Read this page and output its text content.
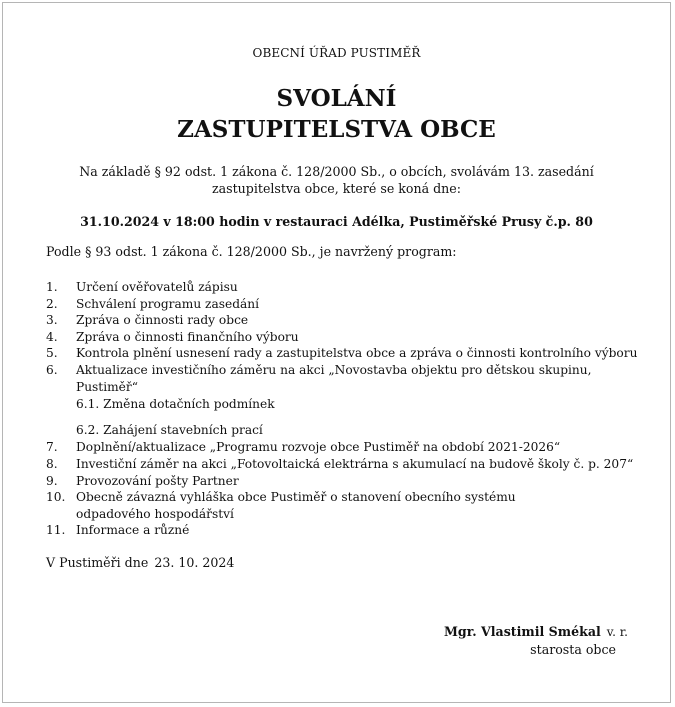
OBECNÍ ÚŘAD PUSTIMĚŘ
SVOLÁNÍ
ZASTUPITELSTVA OBCE
Na základě § 92 odst. 1 zákona č. 128/2000 Sb., o obcích, svolávám 13. zasedání zastupitelstva obce, které se koná dne:
31.10.2024 v 18:00 hodin v restauraci Adélka, Pustiměřské Prusy č.p. 80
Podle § 93 odst. 1 zákona č. 128/2000 Sb., je navržený program:
1. Určení ověřovatelů zápisu
2. Schválení programu zasedání
3. Zpráva o činnosti rady obce
4. Zpráva o činnosti finančního výboru
5. Kontrola plnění usnesení rady a zastupitelstva obce a zpráva o činnosti kontrolního výboru
6. Aktualizace investičního záměru na akci „Novostavba objektu pro dětskou skupinu, Pustiměř“
6.1. Změna dotačních podmínek
6.2. Zahájení stavebních prací
7. Doplnění/aktualizace „Programu rozvoje obce Pustiměř na období 2021-2026“
8. Investiční záměr na akci „Fotovoltaická elektrárna s akumulací na budově školy č. p. 207“
9. Provozování pošty Partner
10. Obecně závazná vyhláška obce Pustiměř o stanovení obecního systému odpadového hospodářství
11. Informace a různé
V Pustiměři dne 23. 10. 2024
Mgr. Vlastimil Smékal v. r.
starosta obce
